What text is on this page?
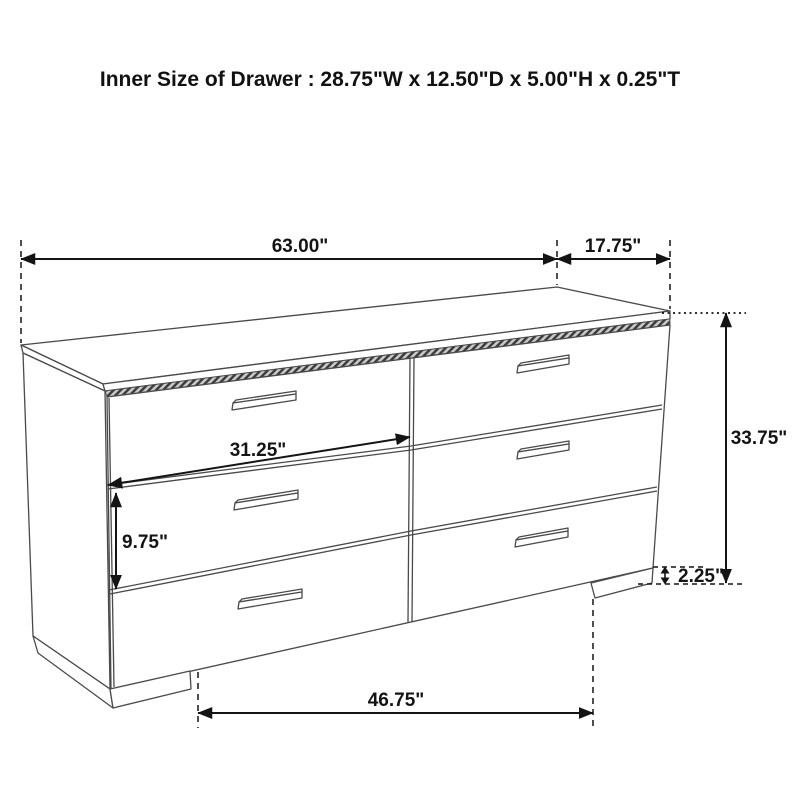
Inner Size of Drawer : 28.75"W x 12.50"D x 5.00"H x 0.25"T
63.00"	17.75"
33.75"
31.25"
9.75"
2.25"
46.75"
